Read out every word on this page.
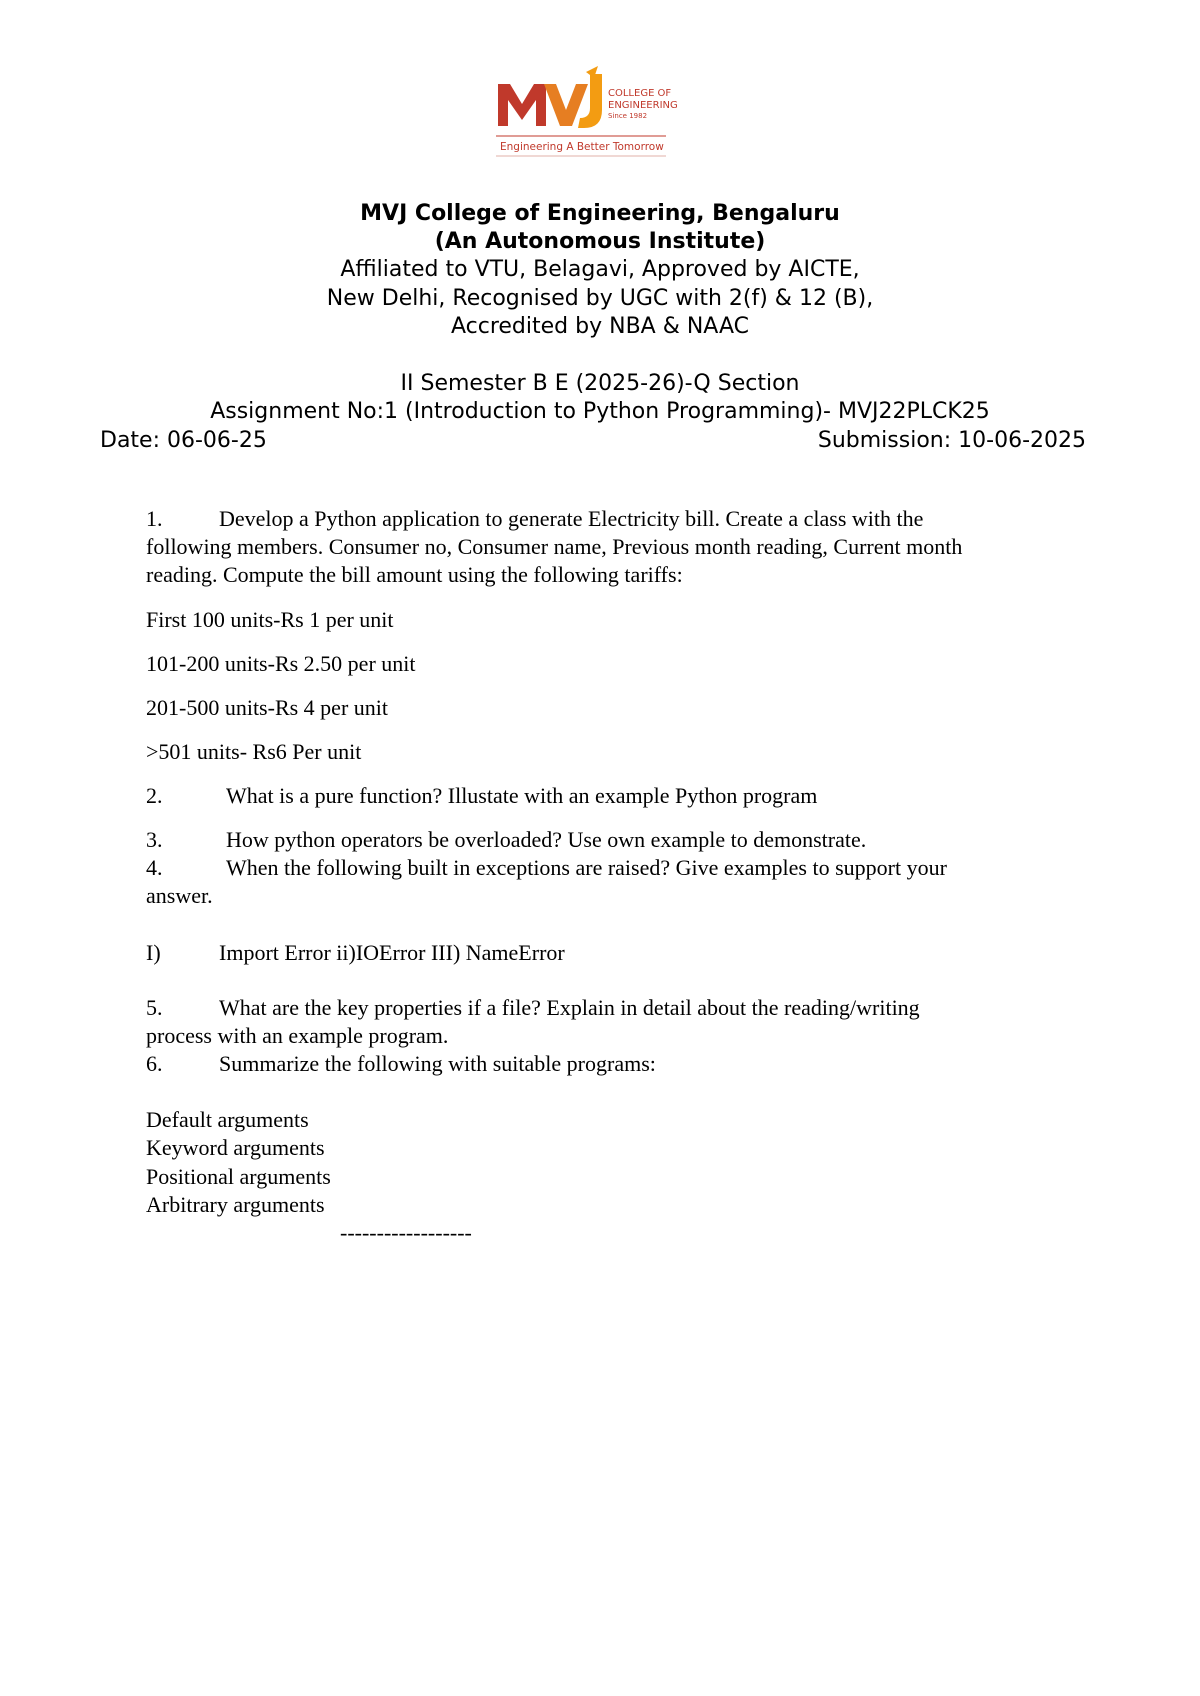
COLLEGE OF
ENGINEERING
Since 1982
Engineering A Better Tomorrow
MVJ College of Engineering, Bengaluru
(An Autonomous Institute)
Affiliated to VTU, Belagavi, Approved by AICTE,
New Delhi, Recognised by UGC with 2(f) & 12 (B),
Accredited by NBA & NAAC
II Semester B E (2025-26)-Q Section
Assignment No:1 (Introduction to Python Programming)- MVJ22PLCK25
Date: 06-06-25	Submission: 10-06-2025
1.	Develop a Python application to generate Electricity bill. Create a class with the
following members. Consumer no, Consumer name, Previous month reading, Current month
reading. Compute the bill amount using the following tariffs:
First 100 units-Rs 1 per unit
101-200 units-Rs 2.50 per unit
201-500 units-Rs 4 per unit
>501 units- Rs6 Per unit
2.	What is a pure function? Illustate with an example Python program
3.	How python operators be overloaded? Use own example to demonstrate.
4.	When the following built in exceptions are raised? Give examples to support your
answer.
I)	Import Error ii)IOError III) NameError
5.	What are the key properties if a file? Explain in detail about the reading/writing
process with an example program.
6.	Summarize the following with suitable programs:
Default arguments
Keyword arguments
Positional arguments
Arbitrary arguments
------------------
